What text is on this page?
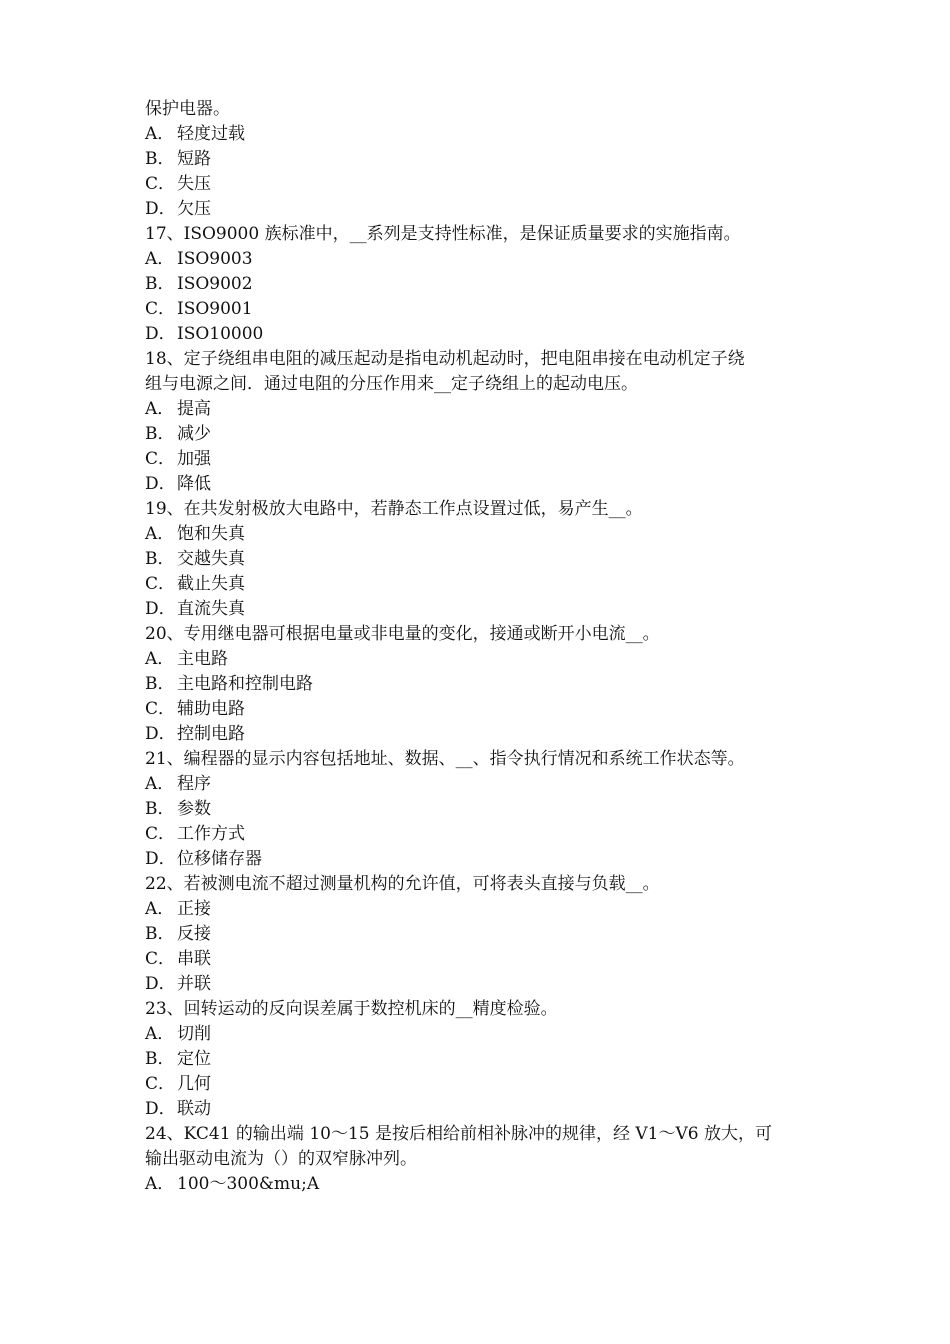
保护电器。
A． 轻度过载
B． 短路
C． 失压
D．欠压
17、ISO9000 族标准中，__系列是支持性标准，是保证质量要求的实施指南。
A． ISO9003
B． ISO9002
C． ISO9001
D．ISO10000
18、定子绕组串电阻的减压起动是指电动机起动时，把电阻串接在电动机定子绕
组与电源之间．通过电阻的分压作用来__定子绕组上的起动电压。
A． 提高
B． 减少
C． 加强
D．降低
19、在共发射极放大电路中，若静态工作点设置过低，易产生__。
A． 饱和失真
B． 交越失真
C． 截止失真
D．直流失真
20、专用继电器可根据电量或非电量的变化，接通或断开小电流__。
A． 主电路
B． 主电路和控制电路
C． 辅助电路
D．控制电路
21、编程器的显示内容包括地址、数据、__、指令执行情况和系统工作状态等。
A． 程序
B． 参数
C． 工作方式
D．位移储存器
22、若被测电流不超过测量机构的允许值，可将表头直接与负载__。
A． 正接
B． 反接
C． 串联
D．并联
23、回转运动的反向误差属于数控机床的__精度检验。
A． 切削
B． 定位
C． 几何
D．联动
24、KC41 的输出端 10～15 是按后相给前相补脉冲的规律，经 V1～V6 放大，可
输出驱动电流为（）的双窄脉冲列。
A． 100～300&mu;A
